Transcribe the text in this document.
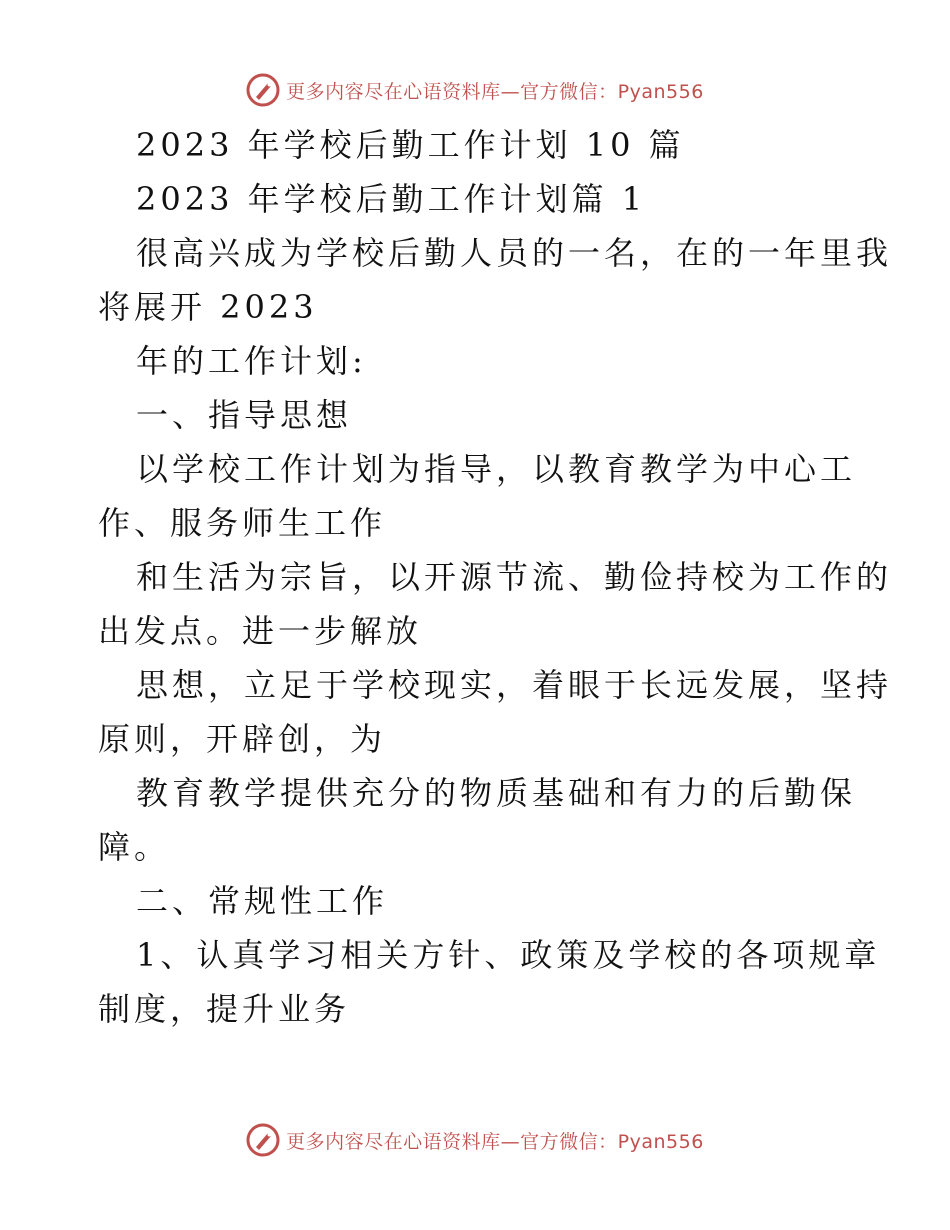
更多内容尽在心语资料库—官方微信：Pyan556

2023 年学校后勤工作计划 10 篇

2023 年学校后勤工作计划篇 1

很高兴成为学校后勤人员的一名，在的一年里我

将展开 2023

年的工作计划:

一、指导思想

以学校工作计划为指导，以教育教学为中心工

作、服务师生工作

和生活为宗旨，以开源节流、勤俭持校为工作的

出发点。进一步解放

思想，立足于学校现实，着眼于长远发展，坚持

原则，开辟创，为

教育教学提供充分的物质基础和有力的后勤保

障。

二、常规性工作

1、认真学习相关方针、政策及学校的各项规章

制度，提升业务

更多内容尽在心语资料库—官方微信：Pyan556
